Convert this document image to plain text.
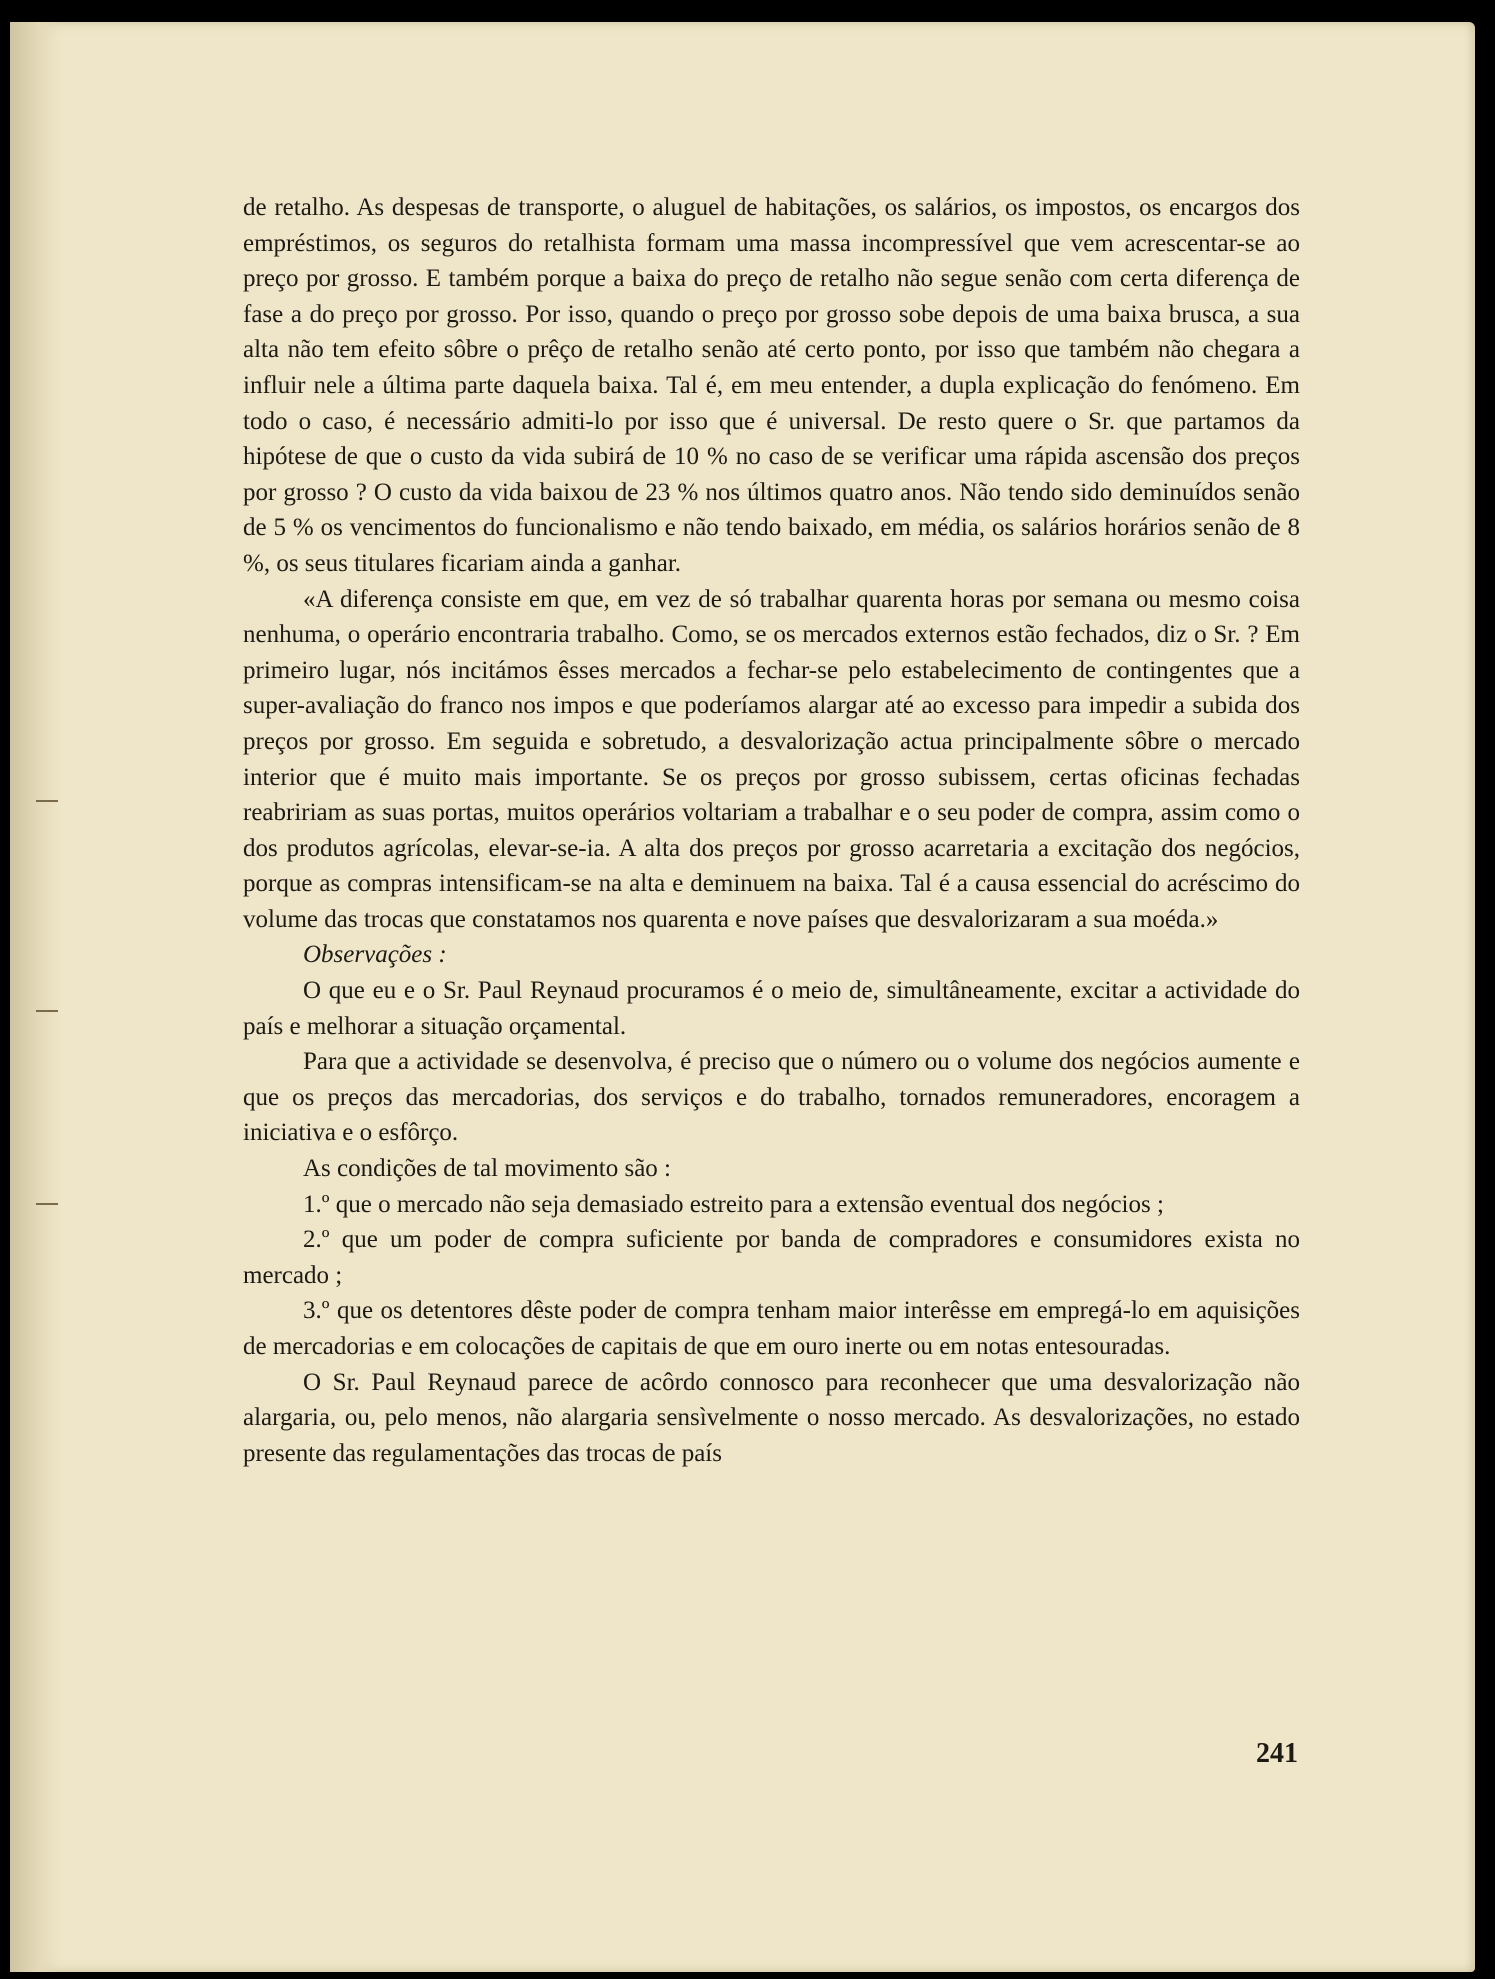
de retalho. As despesas de transporte, o aluguel de habitações, os salários, os impostos, os encargos dos empréstimos, os seguros do retalhista formam uma massa incompressível que vem acrescentar-se ao preço por grosso. E também porque a baixa do preço de retalho não segue senão com certa diferença de fase a do preço por grosso. Por isso, quando o preço por grosso sobe depois de uma baixa brusca, a sua alta não tem efeito sôbre o prêço de retalho senão até certo ponto, por isso que também não chegara a influir nele a última parte daquela baixa. Tal é, em meu entender, a dupla explicação do fenómeno. Em todo o caso, é necessário admiti-lo por isso que é universal. De resto quere o Sr. que partamos da hipótese de que o custo da vida subirá de 10 % no caso de se verificar uma rápida ascensão dos preços por grosso ? O custo da vida baixou de 23 % nos últimos quatro anos. Não tendo sido deminuídos senão de 5 % os vencimentos do funcionalismo e não tendo baixado, em média, os salários horários senão de 8 %, os seus titulares ficariam ainda a ganhar.

«A diferença consiste em que, em vez de só trabalhar quarenta horas por semana ou mesmo coisa nenhuma, o operário encontraria trabalho. Como, se os mercados externos estão fechados, diz o Sr. ? Em primeiro lugar, nós incitámos êsses mercados a fechar-se pelo estabelecimento de contingentes que a super-avaliação do franco nos impos e que poderíamos alargar até ao excesso para impedir a subida dos preços por grosso. Em seguida e sobretudo, a desvalorização actua principalmente sôbre o mercado interior que é muito mais importante. Se os preços por grosso subissem, certas oficinas fechadas reabririam as suas portas, muitos operários voltariam a trabalhar e o seu poder de compra, assim como o dos produtos agrícolas, elevar-se-ia. A alta dos preços por grosso acarretaria a excitação dos negócios, porque as compras intensificam-se na alta e deminuem na baixa. Tal é a causa essencial do acréscimo do volume das trocas que constatamos nos quarenta e nove países que desvalorizaram a sua moéda.»

Observações :

O que eu e o Sr. Paul Reynaud procuramos é o meio de, simultâneamente, excitar a actividade do país e melhorar a situação orçamental.

Para que a actividade se desenvolva, é preciso que o número ou o volume dos negócios aumente e que os preços das mercadorias, dos serviços e do trabalho, tornados remuneradores, encoragem a iniciativa e o esfôrço.

As condições de tal movimento são :

1.º que o mercado não seja demasiado estreito para a extensão eventual dos negócios ;

2.º que um poder de compra suficiente por banda de compradores e consumidores exista no mercado ;

3.º que os detentores dêste poder de compra tenham maior interêsse em empregá-lo em aquisições de mercadorias e em colocações de capitais de que em ouro inerte ou em notas entesouradas.

O Sr. Paul Reynaud parece de acôrdo connosco para reconhecer que uma desvalorização não alargaria, ou, pelo menos, não alargaria sensìvelmente o nosso mercado. As desvalorizações, no estado presente das regulamentações das trocas de país

241
